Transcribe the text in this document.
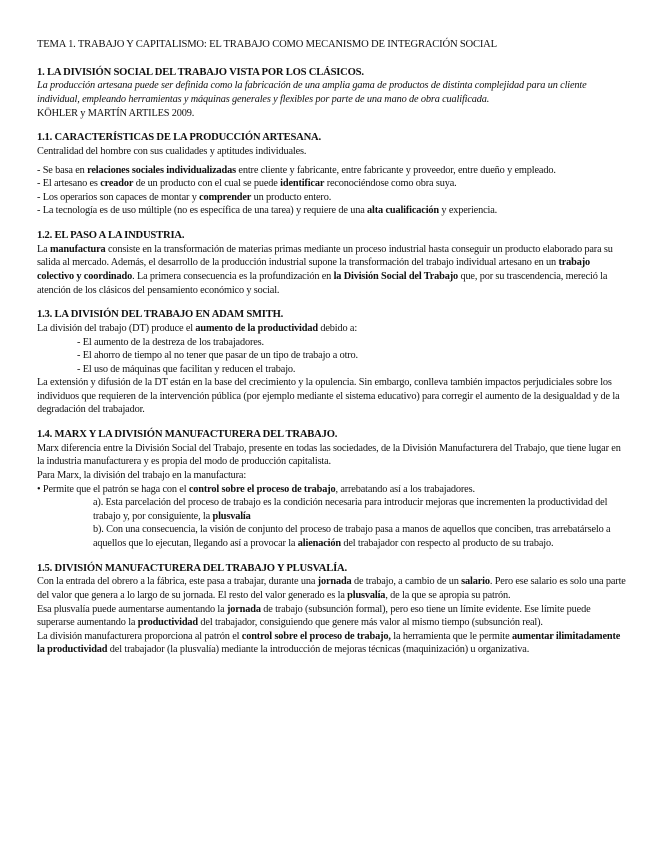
TEMA 1. TRABAJO Y CAPITALISMO: EL TRABAJO COMO MECANISMO DE INTEGRACIÓN SOCIAL
1. LA DIVISIÓN SOCIAL DEL TRABAJO VISTA POR LOS CLÁSICOS.

La producción artesana puede ser definida como la fabricación de una amplia gama de productos de distinta complejidad para un cliente individual, empleando herramientas y máquinas generales y flexibles por parte de una mano de obra cualificada.

KÖHLER y MARTÍN ARTILES 2009.

1.1. CARACTERÍSTICAS DE LA PRODUCCIÓN ARTESANA.

Centralidad del hombre con sus cualidades y aptitudes individuales.

- Se basa en relaciones sociales individualizadas entre cliente y fabricante, entre fabricante y proveedor, entre dueño y empleado.

- El artesano es creador de un producto con el cual se puede identificar reconociéndose como obra suya.

- Los operarios son capaces de montar y comprender un producto entero.

- La tecnología es de uso múltiple (no es específica de una tarea) y requiere de una alta cualificación y experiencia.

1.2. EL PASO A LA INDUSTRIA.

La manufactura consiste en la transformación de materias primas mediante un proceso industrial hasta conseguir un producto elaborado para su salida al mercado. Además, el desarrollo de la producción industrial supone la transformación del trabajo individual artesano en un trabajo colectivo y coordinado. La primera consecuencia es la profundización en la División Social del Trabajo que, por su trascendencia, mereció la atención de los clásicos del pensamiento económico y social.

1.3. LA DIVISIÓN DEL TRABAJO EN ADAM SMITH.

La división del trabajo (DT) produce el aumento de la productividad debido a:

- El aumento de la destreza de los trabajadores.

- El ahorro de tiempo al no tener que pasar de un tipo de trabajo a otro.

- El uso de máquinas que facilitan y reducen el trabajo.

La extensión y difusión de la DT están en la base del crecimiento y la opulencia. Sin embargo, conlleva también impactos perjudiciales sobre los individuos que requieren de la intervención pública (por ejemplo mediante el sistema educativo) para corregir el aumento de la desigualdad y de la degradación del trabajador.

1.4. MARX Y LA DIVISIÓN MANUFACTURERA DEL TRABAJO.

Marx diferencia entre la División Social del Trabajo, presente en todas las sociedades, de la División Manufacturera del Trabajo, que tiene lugar en la industria manufacturera y es propia del modo de producción capitalista.

Para Marx, la división del trabajo en la manufactura:

• Permite que el patrón se haga con el control sobre el proceso de trabajo, arrebatando así a los trabajadores.

a). Esta parcelación del proceso de trabajo es la condición necesaria para introducir mejoras que incrementen la productividad del trabajo y, por consiguiente, la plusvalía

b). Con una consecuencia, la visión de conjunto del proceso de trabajo pasa a manos de aquellos que conciben, tras arrebatárselo a aquellos que lo ejecutan, llegando así a provocar la alienación del trabajador con respecto al producto de su trabajo.

1.5. DIVISIÓN MANUFACTURERA DEL TRABAJO Y PLUSVALÍA.

Con la entrada del obrero a la fábrica, este pasa a trabajar, durante una jornada de trabajo, a cambio de un salario. Pero ese salario es solo una parte del valor que genera a lo largo de su jornada. El resto del valor generado es la plusvalía, de la que se apropia su patrón.

Esa plusvalía puede aumentarse aumentando la jornada de trabajo (subsunción formal), pero eso tiene un límite evidente. Ese límite puede superarse aumentando la productividad del trabajador, consiguiendo que genere más valor al mismo tiempo (subsunción real).

La división manufacturera proporciona al patrón el control sobre el proceso de trabajo, la herramienta que le permite aumentar ilimitadamente la productividad del trabajador (la plusvalía) mediante la introducción de mejoras técnicas (maquinización) u organizativa.
